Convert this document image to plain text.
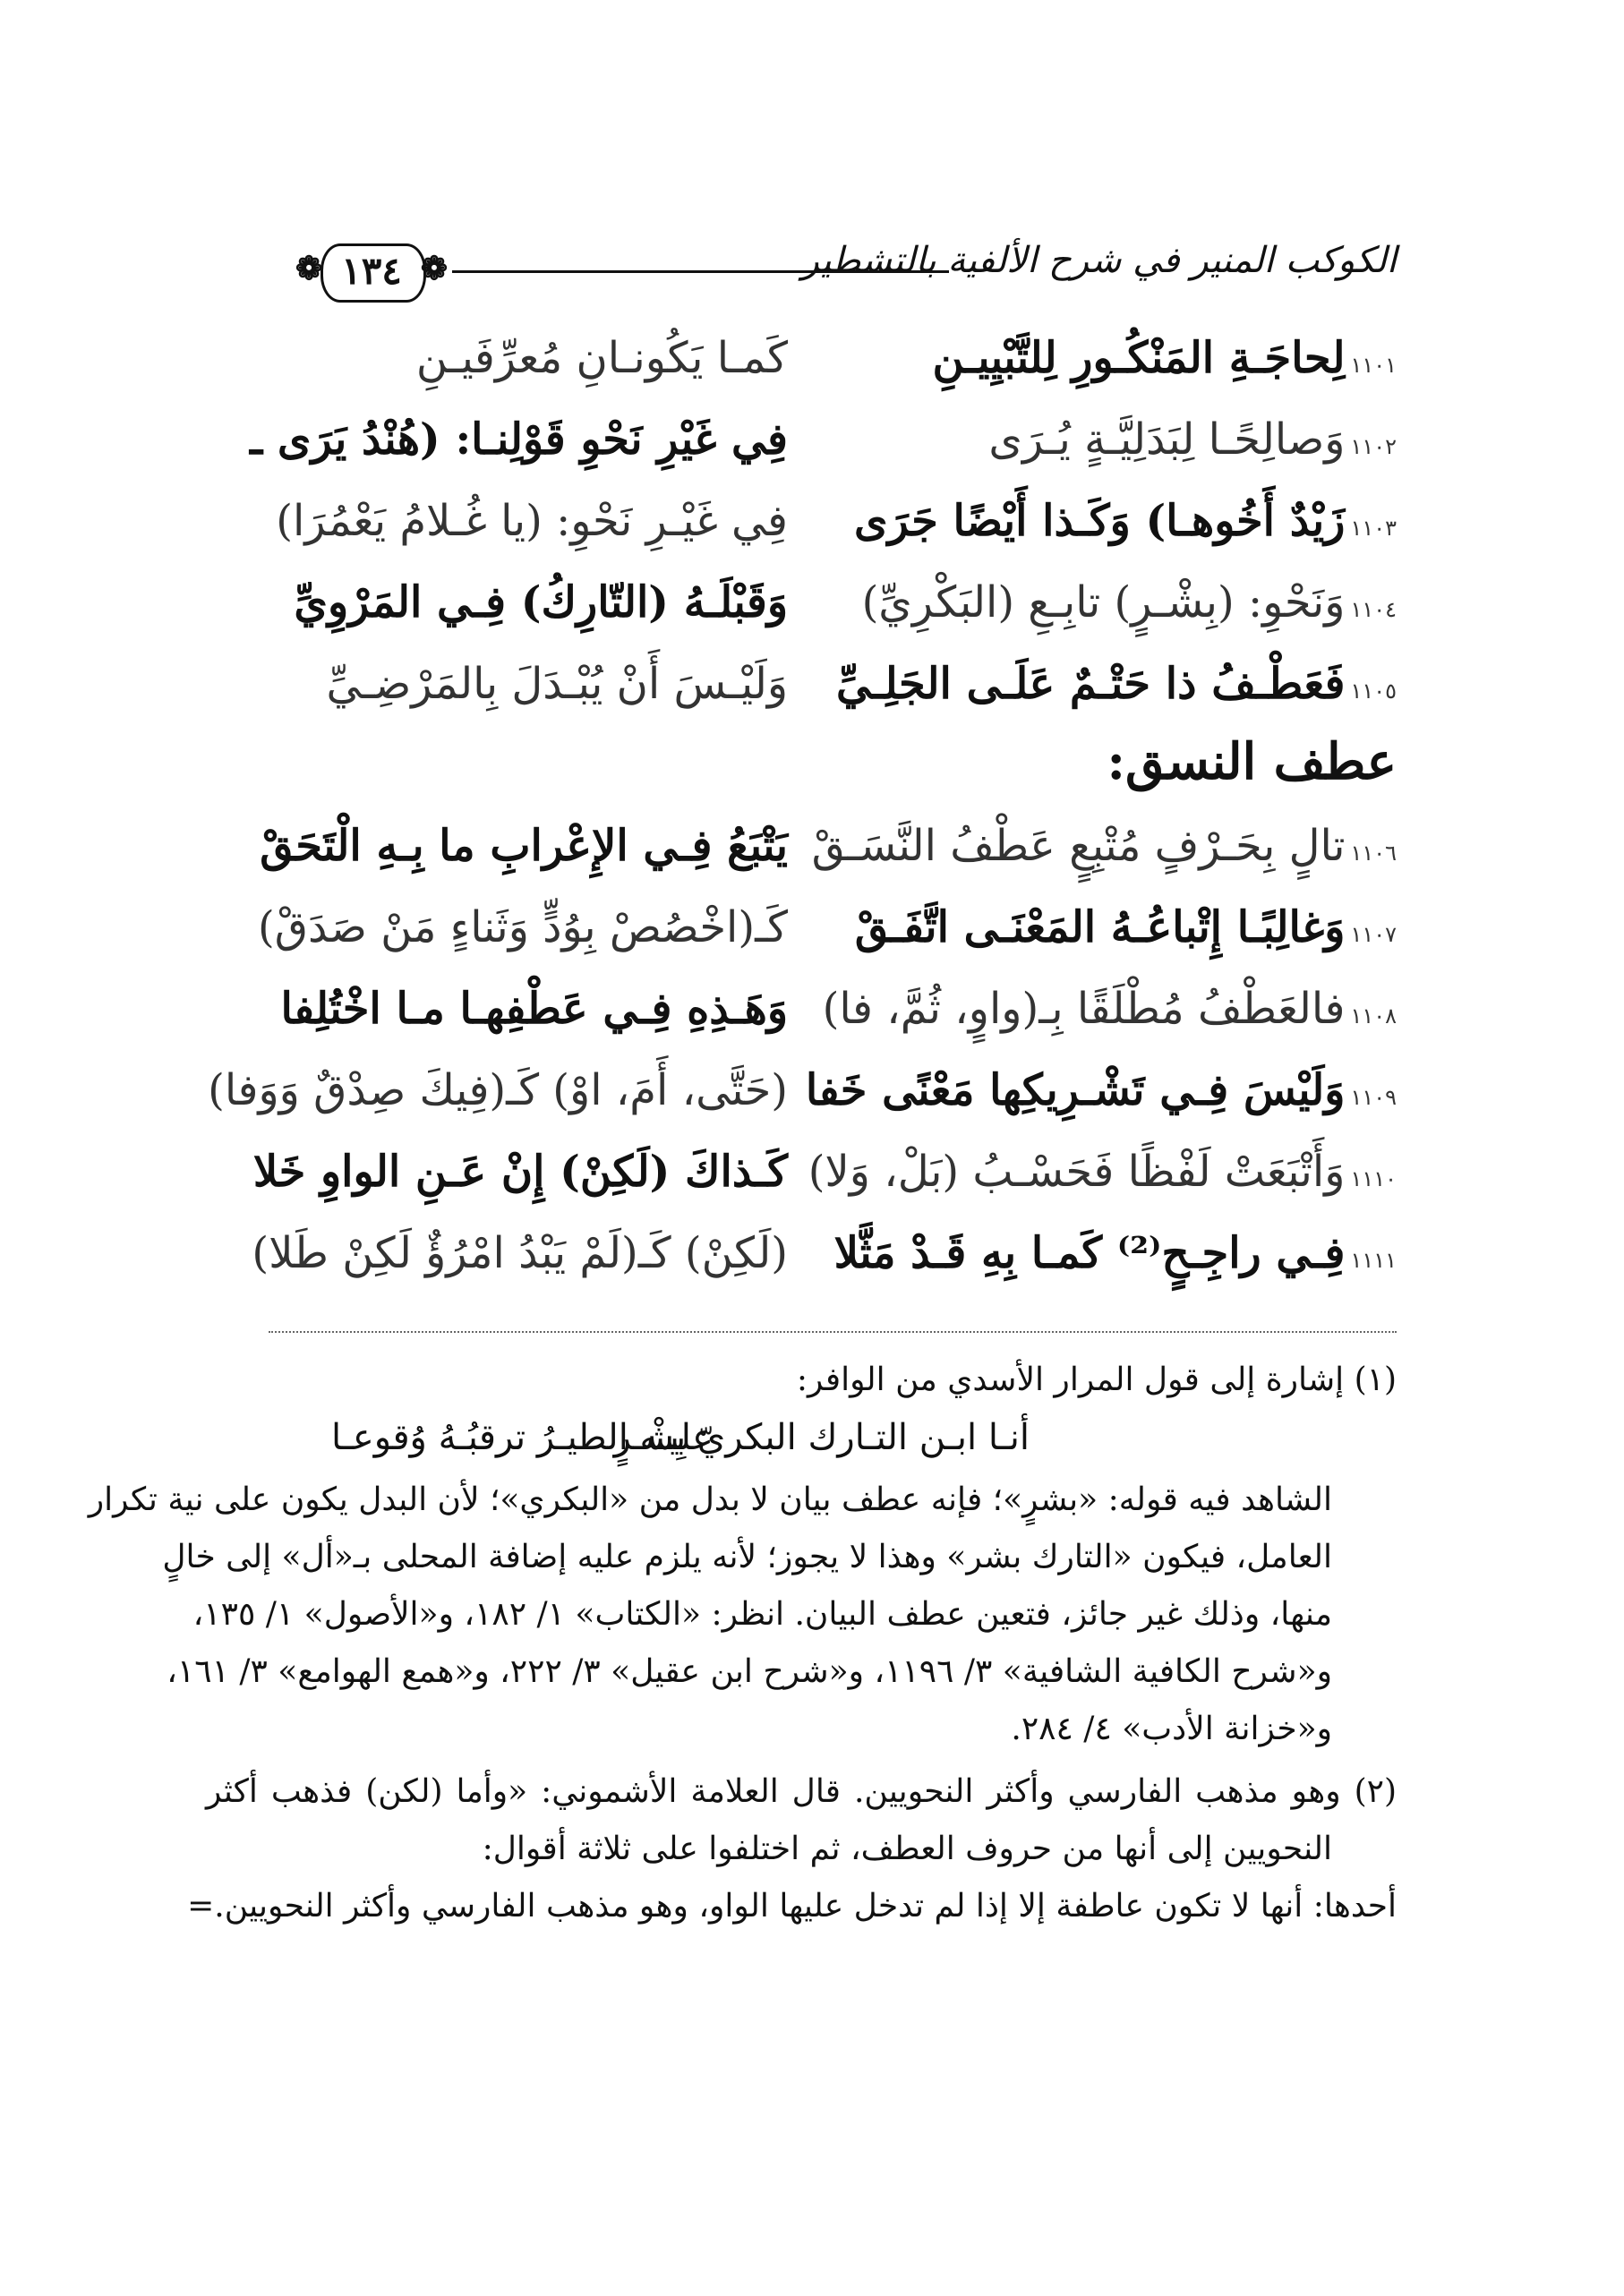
❁ ١٣٤ ❁	الكوكب المنير في شرح الألفية بالتشطير
١١٠١لِحاجَـةِ المَنْكُـورِ لِلتَّبْيِيـنِ
كَمـا يَكُونـانِ مُعرِّفَيـنِ
١١٠٢وَصالِحًـا لِبَدَلِيَّـةٍ يُـرَى
فِي غَيْرِ نَحْوِ قَوْلِنـا: (هُنْدُ يَرَى ـ
١١٠٣زَيْدٌ أَخُوهـا) وَكَـذا أَيْضًا جَرَى
فِي غَيْـرِ نَحْوِ: (يا غُـلامُ يَعْمُرَا)
١١٠٤وَنَحْوِ: (بِشْـرٍ) تابِـعِ (البَكْرِيِّ)
وَقَبْلَـهُ (التّارِكُ) فِـي المَرْوِيِّ
١١٠٥فَعَطْـفُ ذا حَتْـمٌ عَلَـى الجَلِـيِّ
وَلَيْـسَ أَنْ يُبْـدَلَ بِالمَرْضِـيِّ
عطف النسق:
١١٠٦تالٍ بِحَـرْفٍ مُتْبِعٍ عَطْفُ النَّسَـقْ
يَتْبَعُ فِـي الإِعْرابِ ما بِـهِ الْتَحَقْ
١١٠٧وَغالِبًـا إِتْباعُـهُ المَعْنَـى اتَّفَـقْ
كَـ(اخْصُصْ بِوُدٍّ وَثَناءٍ مَنْ صَدَقْ)
١١٠٨فالعَطْفُ مُطْلَقًا بِـ(واوٍ، ثُمَّ، فا)
وَهَـذِهِ فِـي عَطْفِهـا مـا اخْتُلِفا
١١٠٩وَلَيْسَ فِـي تَشْـرِيكِها مَعْنًى خَفا
(حَتَّى، أَمَ، اوْ) كَـ(فِيكَ صِدْقٌ وَوَفا)
١١١٠وَأَتْبَعَتْ لَفْظًا فَحَسْـبُ (بَلْ، وَلا)
كَـذاكَ (لَكِنْ) إِنْ عَـنِ الواوِ خَلا
١١١١فِـي راجِـحٍ⁽²⁾ كَمـا بِهِ قَـدْ مَثَّلا
(لَكِنْ) كَـ(لَمْ يَبْدُ امْرُؤٌ لَكِنْ طَلا)
(١) إشارة إلى قول المرار الأسدي من الوافر:
أنـا ابـن التـارك البكريّ بِشْـرٍ
عليـه الطيـرُ ترقبُـهُ وُقوعـا
الشاهد فيه قوله: «بشرٍ»؛ فإنه عطف بيان لا بدل من «البكري»؛ لأن البدل يكون على نية تكرار
العامل، فيكون «التارك بشر» وهذا لا يجوز؛ لأنه يلزم عليه إضافة المحلى بـ«أل» إلى خالٍ
منها، وذلك غير جائز، فتعين عطف البيان. انظر: «الكتاب» ١/ ١٨٢، و«الأصول» ١/ ١٣٥،
و«شرح الكافية الشافية» ٣/ ١١٩٦، و«شرح ابن عقيل» ٣/ ٢٢٢، و«همع الهوامع» ٣/ ١٦١،
و«خزانة الأدب» ٤/ ٢٨٤.
(٢) وهو مذهب الفارسي وأكثر النحويين. قال العلامة الأشموني: «وأما (لكن) فذهب أكثر
النحويين إلى أنها من حروف العطف، ثم اختلفوا على ثلاثة أقوال:
أحدها: أنها لا تكون عاطفة إلا إذا لم تدخل عليها الواو، وهو مذهب الفارسي وأكثر النحويين.=
